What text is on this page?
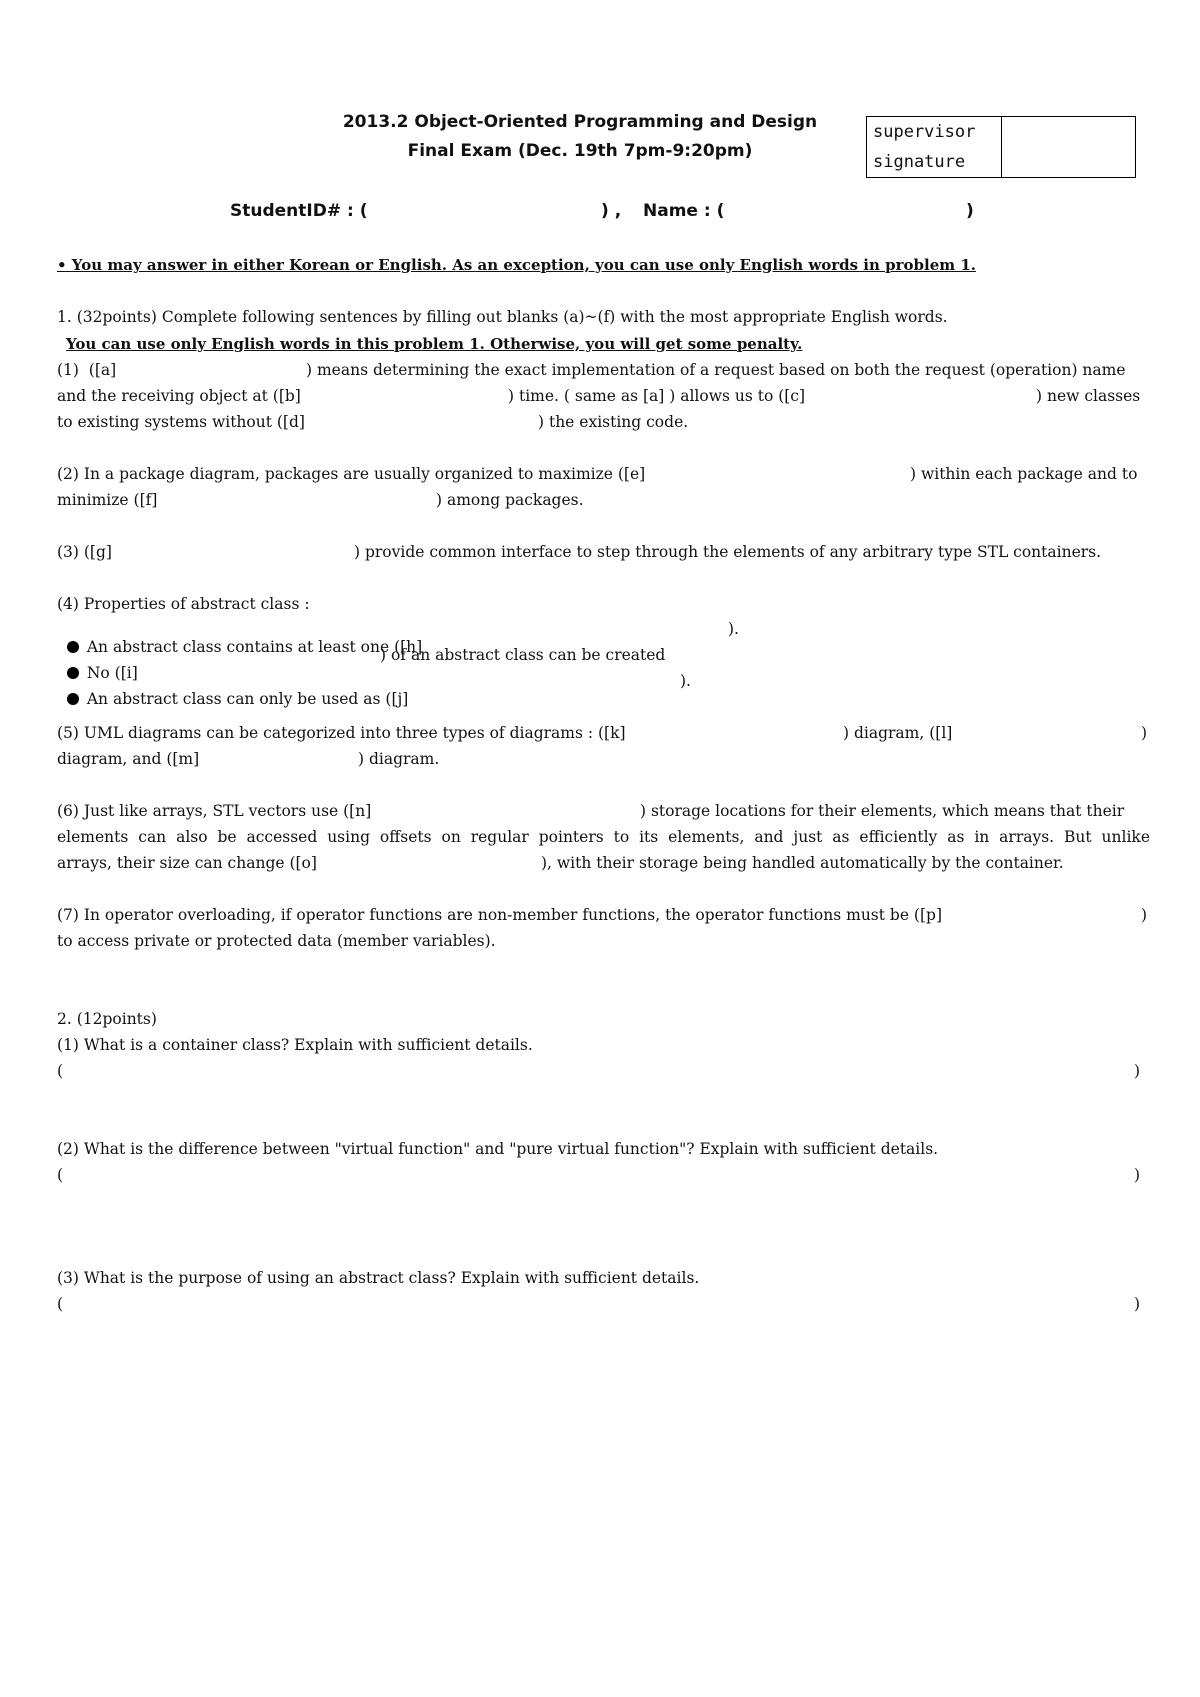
2013.2 Object-Oriented Programming and Design
Final Exam (Dec. 19th 7pm-9:20pm)
supervisor
signature
StudentID# : (	) , Name : (	)
• You may answer in either Korean or English. As an exception, you can use only English words in problem 1.
1. (32points) Complete following sentences by filling out blanks (a)~(f) with the most appropriate English words.
You can use only English words in this problem 1. Otherwise, you will get some penalty.
(1)  ([a]	) means determining the exact implementation of a request based on both the request (operation) name
and the receiving object at ([b]	) time. ( same as [a] ) allows us to ([c]	) new classes
to existing systems without ([d]	) the existing code.
(2) In a package diagram, packages are usually organized to maximize ([e]	) within each package and to
minimize ([f]	) among packages.
(3) ([g]	) provide common interface to step through the elements of any arbitrary type STL containers.
(4) Properties of abstract class :

An abstract class contains at least one ([h]

).

No ([i]

) of an abstract class can be created

An abstract class can only be used as ([j]

).
(5) UML diagrams can be categorized into three types of diagrams : ([k]	) diagram, ([l]	)
diagram, and ([m]	) diagram.
(6) Just like arrays, STL vectors use ([n]	) storage locations for their elements, which means that their
elements can also be accessed using offsets on regular pointers to its elements, and just as efficiently as in arrays. But unlike
arrays, their size can change ([o]	), with their storage being handled automatically by the container.
(7) In operator overloading, if operator functions are non-member functions, the operator functions must be ([p]	)
to access private or protected data (member variables).
2. (12points)
(1) What is a container class? Explain with sufficient details.
(	)
(2) What is the difference between "virtual function" and "pure virtual function"? Explain with sufficient details.
(	)
(3) What is the purpose of using an abstract class? Explain with sufficient details.
(	)
